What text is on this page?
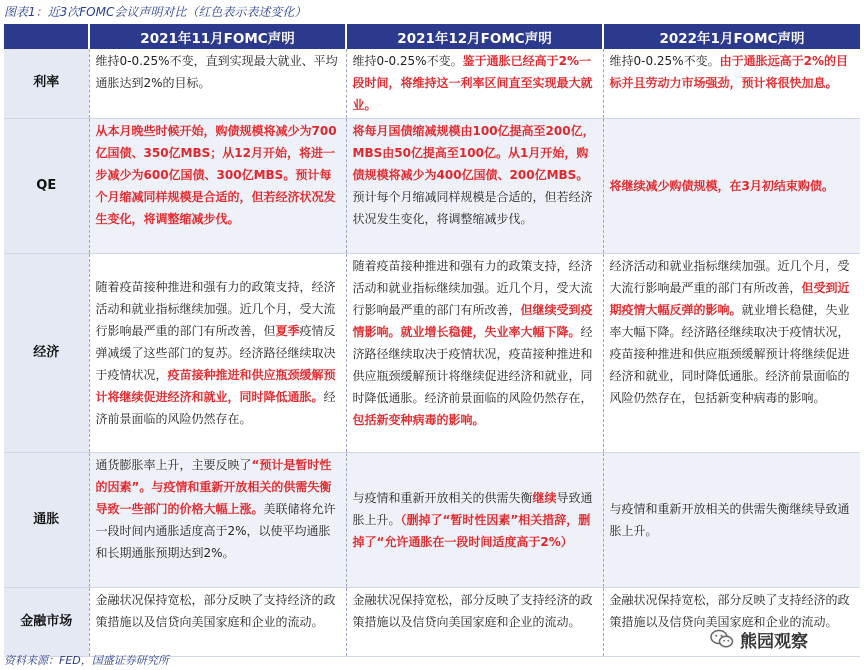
图表1：近3次FOMC会议声明对比（红色表示表述变化）
	2021年11月FOMC声明	2021年12月FOMC声明	2022年1月FOMC声明
利率	维持0-0.25%不变，直到实现最大就业、平均通胀达到2%的目标。	维持0-0.25%不变。鉴于通胀已经高于2%一段时间，将维持这一利率区间直至实现最大就业。	维持0-0.25%不变。由于通胀远高于2%的目标并且劳动力市场强劲，预计将很快加息。
QE	从本月晚些时候开始，购债规模将减少为700亿国债、350亿MBS；从12月开始，将进一步减少为600亿国债、300亿MBS。预计每个月缩减同样规模是合适的，但若经济状况发生变化，将调整缩减步伐。	将每月国债缩减规模由100亿提高至200亿，MBS由50亿提高至100亿。从1月开始，购债规模将减少为400亿国债、200亿MBS。预计每个月缩减同样规模是合适的，但若经济状况发生变化，将调整缩减步伐。	将继续减少购债规模，在3月初结束购债。
经济	随着疫苗接种推进和强有力的政策支持，经济活动和就业指标继续加强。近几个月，受大流行影响最严重的部门有所改善，但夏季疫情反弹减缓了这些部门的复苏。经济路径继续取决于疫情状况，疫苗接种推进和供应瓶颈缓解预计将继续促进经济和就业，同时降低通胀。经济前景面临的风险仍然存在。	随着疫苗接种推进和强有力的政策支持，经济活动和就业指标继续加强。近几个月，受大流行影响最严重的部门有所改善，但继续受到疫情影响。就业增长稳健，失业率大幅下降。经济路径继续取决于疫情状况，疫苗接种推进和供应瓶颈缓解预计将继续促进经济和就业，同时降低通胀。经济前景面临的风险仍然存在，包括新变种病毒的影响。	经济活动和就业指标继续加强。近几个月，受大流行影响最严重的部门有所改善，但受到近期疫情大幅反弹的影响。就业增长稳健，失业率大幅下降。经济路径继续取决于疫情状况，疫苗接种推进和供应瓶颈缓解预计将继续促进经济和就业，同时降低通胀。经济前景面临的风险仍然存在，包括新变种病毒的影响。
通胀	通货膨胀率上升，主要反映了“预计是暂时性的因素”。与疫情和重新开放相关的供需失衡导致一些部门的价格大幅上涨。美联储将允许一段时间内通胀适度高于2%，以使平均通胀和长期通胀预期达到2%。	与疫情和重新开放相关的供需失衡继续导致通胀上升。（删掉了“暂时性因素”相关措辞，删掉了“允许通胀在一段时间适度高于2%）	与疫情和重新开放相关的供需失衡继续导致通胀上升。
金融市场	金融状况保持宽松，部分反映了支持经济的政策措施以及信贷向美国家庭和企业的流动。	金融状况保持宽松，部分反映了支持经济的政策措施以及信贷向美国家庭和企业的流动。	金融状况保持宽松，部分反映了支持经济的政策措施以及信贷向美国家庭和企业的流动。
熊园观察
资料来源：FED，国盛证券研究所
